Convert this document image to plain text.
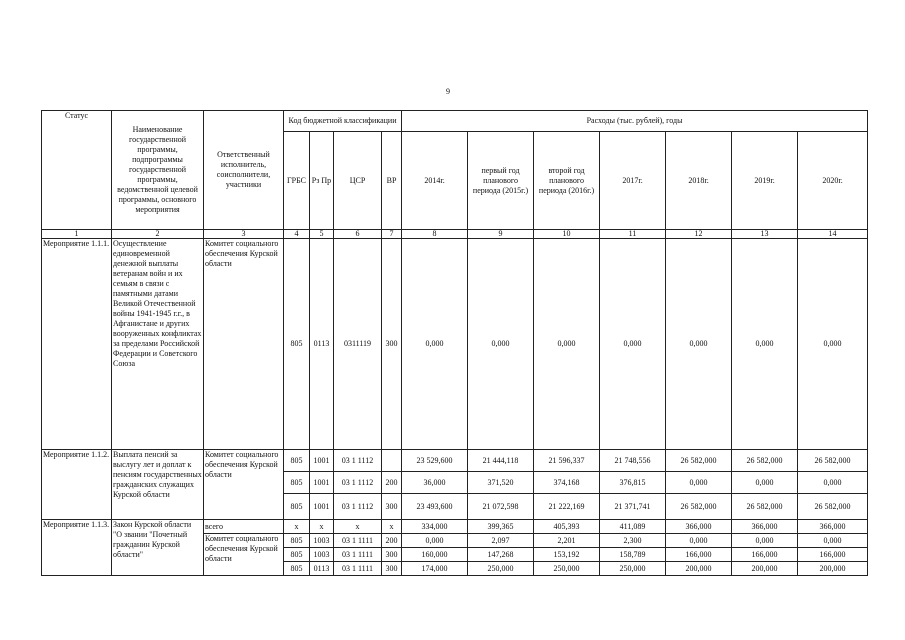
9
Статус	Наименование государственной программы, подпрограммы государственной программы, ведомственной целевой программы, основного мероприятия	Ответственный исполнитель, соисполнители, участники	Код бюджетной классификации				Расходы (тыс. рублей), годы						
			ГРБС	Рз Пр	ЦСР	ВР	2014г.	первый год планового периода (2015г.)	второй год планового периода (2016г.)	2017г.	2018г.	2019г.	2020г.
1	2	3	4	5	6	7	8	9	10	11	12	13	14
Мероприятие 1.1.1.	Осуществление единовременной денежной выплаты ветеранам войн и их семьям в связи с памятными датами Великой Отечественной войны 1941-1945 г.г., в Афганистане и других вооруженных конфликтах за пределами Российской Федерации и Советского Союза	Комитет социального обеспечения Курской области	805	0113	0311119	300	0,000	0,000	0,000	0,000	0,000	0,000	0,000
Мероприятие 1.1.2.	Выплата пенсий за выслугу лет и доплат к пенсиям государственных гражданских служащих Курской области	Комитет социального обеспечения Курской области	805	1001	03 1 1112		23 529,600	21 444,118	21 596,337	21 748,556	26 582,000	26 582,000	26 582,000
			805	1001	03 1 1112	200	36,000	371,520	374,168	376,815	0,000	0,000	0,000
			805	1001	03 1 1112	300	23 493,600	21 072,598	21 222,169	21 371,741	26 582,000	26 582,000	26 582,000
Мероприятие 1.1.3.	Закон Курской области "О звании "Почетный гражданин Курской области"	всего	x	x	x	x	334,000	399,365	405,393	411,089	366,000	366,000	366,000
		Комитет социального обеспечения Курской области	805	1003	03 1 1111	200	0,000	2,097	2,201	2,300	0,000	0,000	0,000
			805	1003	03 1 1111	300	160,000	147,268	153,192	158,789	166,000	166,000	166,000
			805	0113	03 1 1111	300	174,000	250,000	250,000	250,000	200,000	200,000	200,000
